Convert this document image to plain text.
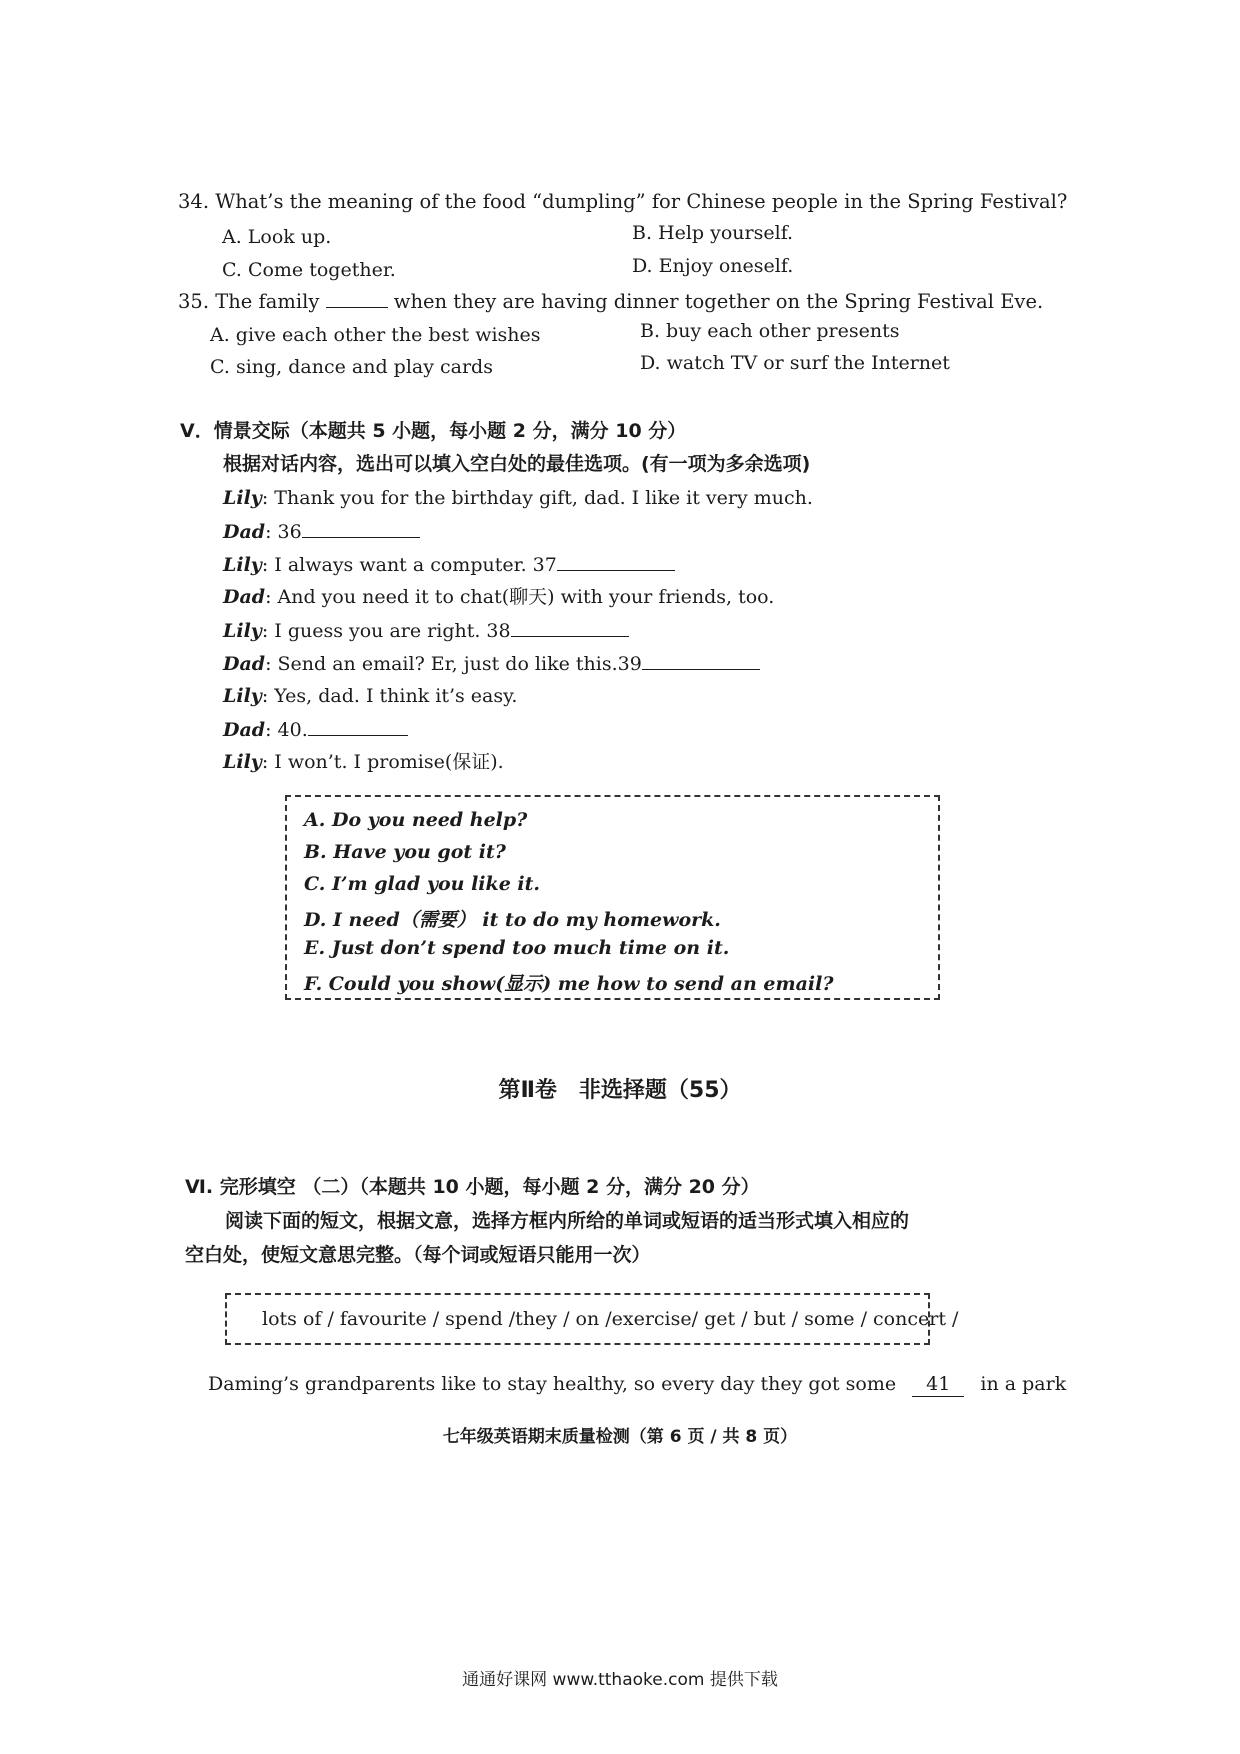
34. What’s the meaning of the food “dumpling” for Chinese people in the Spring Festival?
A. Look up.	B. Help yourself.
C. Come together.	D. Enjoy oneself.
35. The family	when they are having dinner together on the Spring Festival Eve.
A. give each other the best wishes	B. buy each other presents
C. sing, dance and play cards	D. watch TV or surf the Internet
V．情景交际（本题共 5 小题，每小题 2 分，满分 10 分）
根据对话内容，选出可以填入空白处的最佳选项。(有一项为多余选项)
Lily: Thank you for the birthday gift, dad. I like it very much.
Dad: 36
Lily: I always want a computer. 37
Dad: And you need it to chat(聊天) with your friends, too.
Lily: I guess you are right. 38
Dad: Send an email? Er, just do like this.39
Lily: Yes, dad. I think it’s easy.
Dad: 40.
Lily: I won’t. I promise(保证).
A. Do you need help?
B. Have you got it?
C. I’m glad you like it.
D. I need（需要） it to do my homework.
E. Just don’t spend too much time on it.
F. Could you show(显示) me how to send an email?
第Ⅱ卷　非选择题（55）
Ⅵ. 完形填空 （二）（本题共 10 小题，每小题 2 分，满分 20 分）
阅读下面的短文，根据文意，选择方框内所给的单词或短语的适当形式填入相应的
空白处，使短文意思完整。（每个词或短语只能用一次）
lots of / favourite / spend /they / on /exercise/ get / but / some / concert /
Daming’s grandparents like to stay healthy, so every day they got some 41 in a park
七年级英语期末质量检测（第 6 页 / 共 8 页）
通通好课网 www.tthaoke.com 提供下载
